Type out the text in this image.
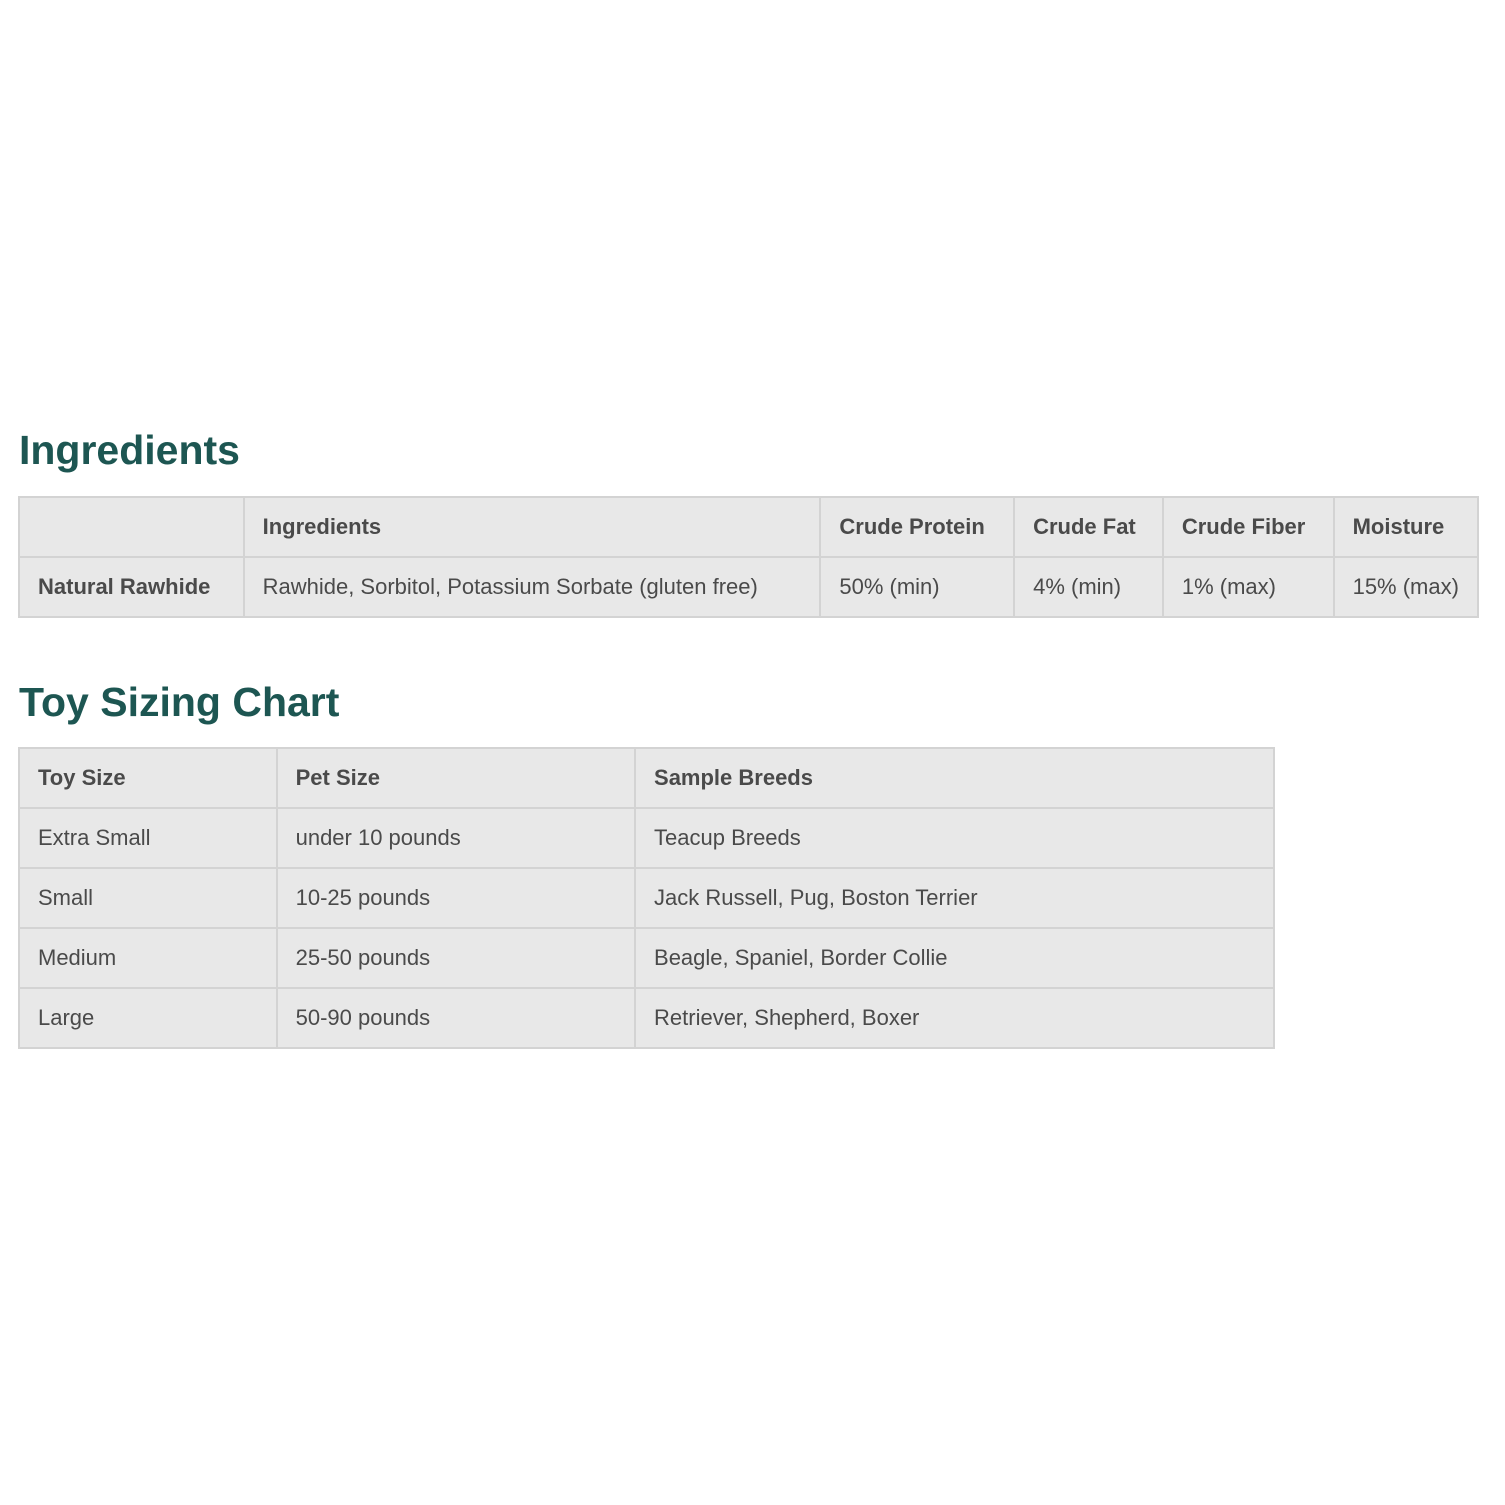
Ingredients
	Ingredients	Crude Protein	Crude Fat	Crude Fiber	Moisture
Natural Rawhide	Rawhide, Sorbitol, Potassium Sorbate (gluten free)	50% (min)	4% (min)	1% (max)	15% (max)
Toy Sizing Chart
Toy Size	Pet Size	Sample Breeds
Extra Small	under 10 pounds	Teacup Breeds
Small	10-25 pounds	Jack Russell, Pug, Boston Terrier
Medium	25-50 pounds	Beagle, Spaniel, Border Collie
Large	50-90 pounds	Retriever, Shepherd, Boxer
